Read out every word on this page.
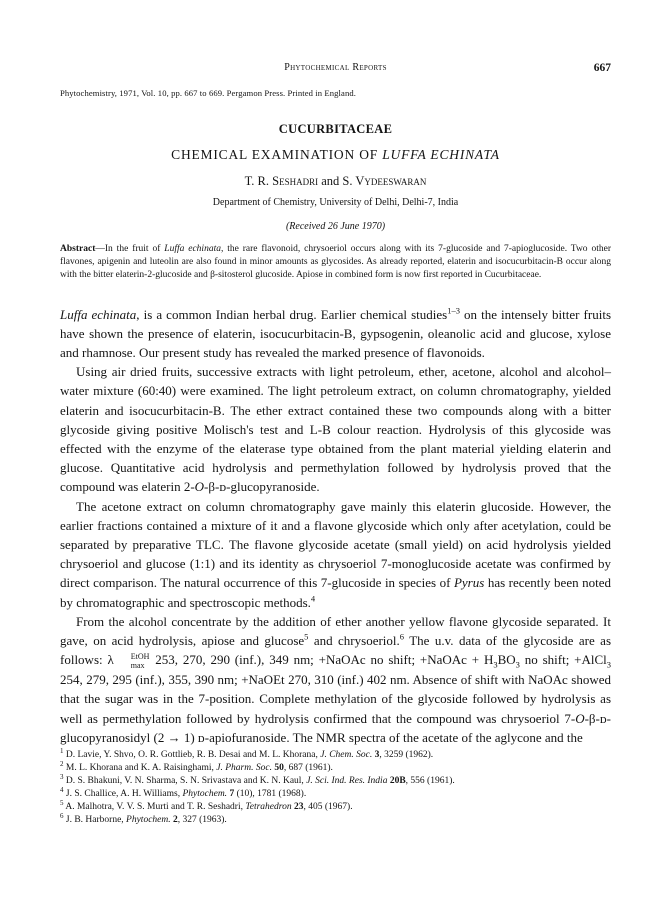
Phytochemical Reports	667
Phytochemistry, 1971, Vol. 10, pp. 667 to 669. Pergamon Press. Printed in England.
CUCURBITACEAE
CHEMICAL EXAMINATION OF LUFFA ECHINATA
T. R. Seshadri and S. Vydeeswaran
Department of Chemistry, University of Delhi, Delhi-7, India
(Received 26 June 1970)
Abstract—In the fruit of Luffa echinata, the rare flavonoid, chrysoeriol occurs along with its 7-glucoside and 7-apioglucoside. Two other flavones, apigenin and luteolin are also found in minor amounts as glycosides. As already reported, elaterin and isocucurbitacin-B occur along with the bitter elaterin-2-glucoside and β-sitosterol glucoside. Apiose in combined form is now first reported in Cucurbitaceae.

Luffa echinata, is a common Indian herbal drug. Earlier chemical studies$^{1-3}$ on the intensely bitter fruits have shown the presence of elaterin, isocucurbitacin-B, gypsogenin, oleanolic acid and glucose, xylose and rhamnose. Our present study has revealed the marked presence of flavonoids.

Using air dried fruits, successive extracts with light petroleum, ether, acetone, alcohol and alcohol–water mixture (60:40) were examined. The light petroleum extract, on column chromatography, yielded elaterin and isocucurbitacin-B. The ether extract contained these two compounds along with a bitter glycoside giving positive Molisch's test and L-B colour reaction. Hydrolysis of this glycoside was effected with the enzyme of the elaterase type obtained from the plant material yielding elaterin and glucose. Quantitative acid hydrolysis and permethylation followed by hydrolysis proved that the compound was elaterin 2-O-β-ᴅ-glucopyranoside.

The acetone extract on column chromatography gave mainly this elaterin glucoside. However, the earlier fractions contained a mixture of it and a flavone glycoside which only after acetylation, could be separated by preparative TLC. The flavone glycoside acetate (small yield) on acid hydrolysis yielded chrysoeriol and glucose (1:1) and its identity as chrysoeriol 7-monoglucoside acetate was confirmed by direct comparison. The natural occurrence of this 7-glucoside in species of Pyrus has recently been noted by chromatographic and spectroscopic methods.$^4$

From the alcohol concentrate by the addition of ether another yellow flavone glycoside separated. It gave, on acid hydrolysis, apiose and glucose$^5$ and chrysoeriol.$^6$ The u.v. data of the glycoside are as follows: λ	EtOH
max 253, 270, 290 (inf.), 349 nm; +NaOAc no shift; +NaOAc + $H_3BO_3$ no shift; +AlCl$_3$ 254, 279, 295 (inf.), 355, 390 nm; +NaOEt 270, 310 (inf.) 402 nm. Absence of shift with NaOAc showed that the sugar was in the 7-position. Complete methylation of the glycoside followed by hydrolysis as well as permethylation followed by hydrolysis confirmed that the compound was chrysoeriol 7-O-β-ᴅ-glucopyranosidyl (2 → 1) ᴅ-apiofuranoside. The NMR spectra of the acetate of the aglycone and the

$^1$ D. Lavie, Y. Shvo, O. R. Gottlieb, R. B. Desai and M. L. Khorana, J. Chem. Soc. 3, 3259 (1962).
$^2$ M. L. Khorana and K. A. Raisinghami, J. Pharm. Soc. 50, 687 (1961).
$^3$ D. S. Bhakuni, V. N. Sharma, S. N. Srivastava and K. N. Kaul, J. Sci. Ind. Res. India 20B, 556 (1961).
$^4$ J. S. Challice, A. H. Williams, Phytochem. 7 (10), 1781 (1968).
$^5$ A. Malhotra, V. V. S. Murti and T. R. Seshadri, Tetrahedron 23, 405 (1967).
$^6$ J. B. Harborne, Phytochem. 2, 327 (1963).
